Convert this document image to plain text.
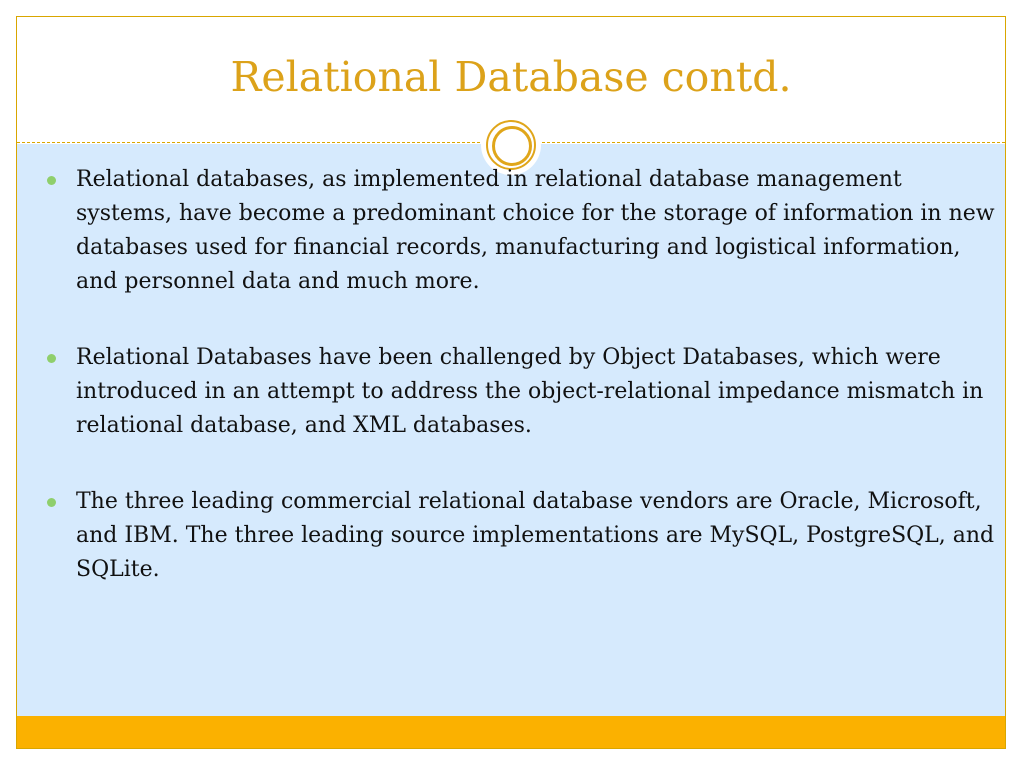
Relational Database contd.
Relational databases, as implemented in relational database management systems, have become a predominant choice for the storage of information in new databases used for financial records, manufacturing and logistical information, and personnel data and much more.
Relational Databases have been challenged by Object Databases, which were introduced in an attempt to address the object-relational impedance mismatch in relational database, and XML databases.
The three leading commercial relational database vendors are Oracle, Microsoft, and IBM. The three leading source implementations are MySQL, PostgreSQL, and SQLite.
